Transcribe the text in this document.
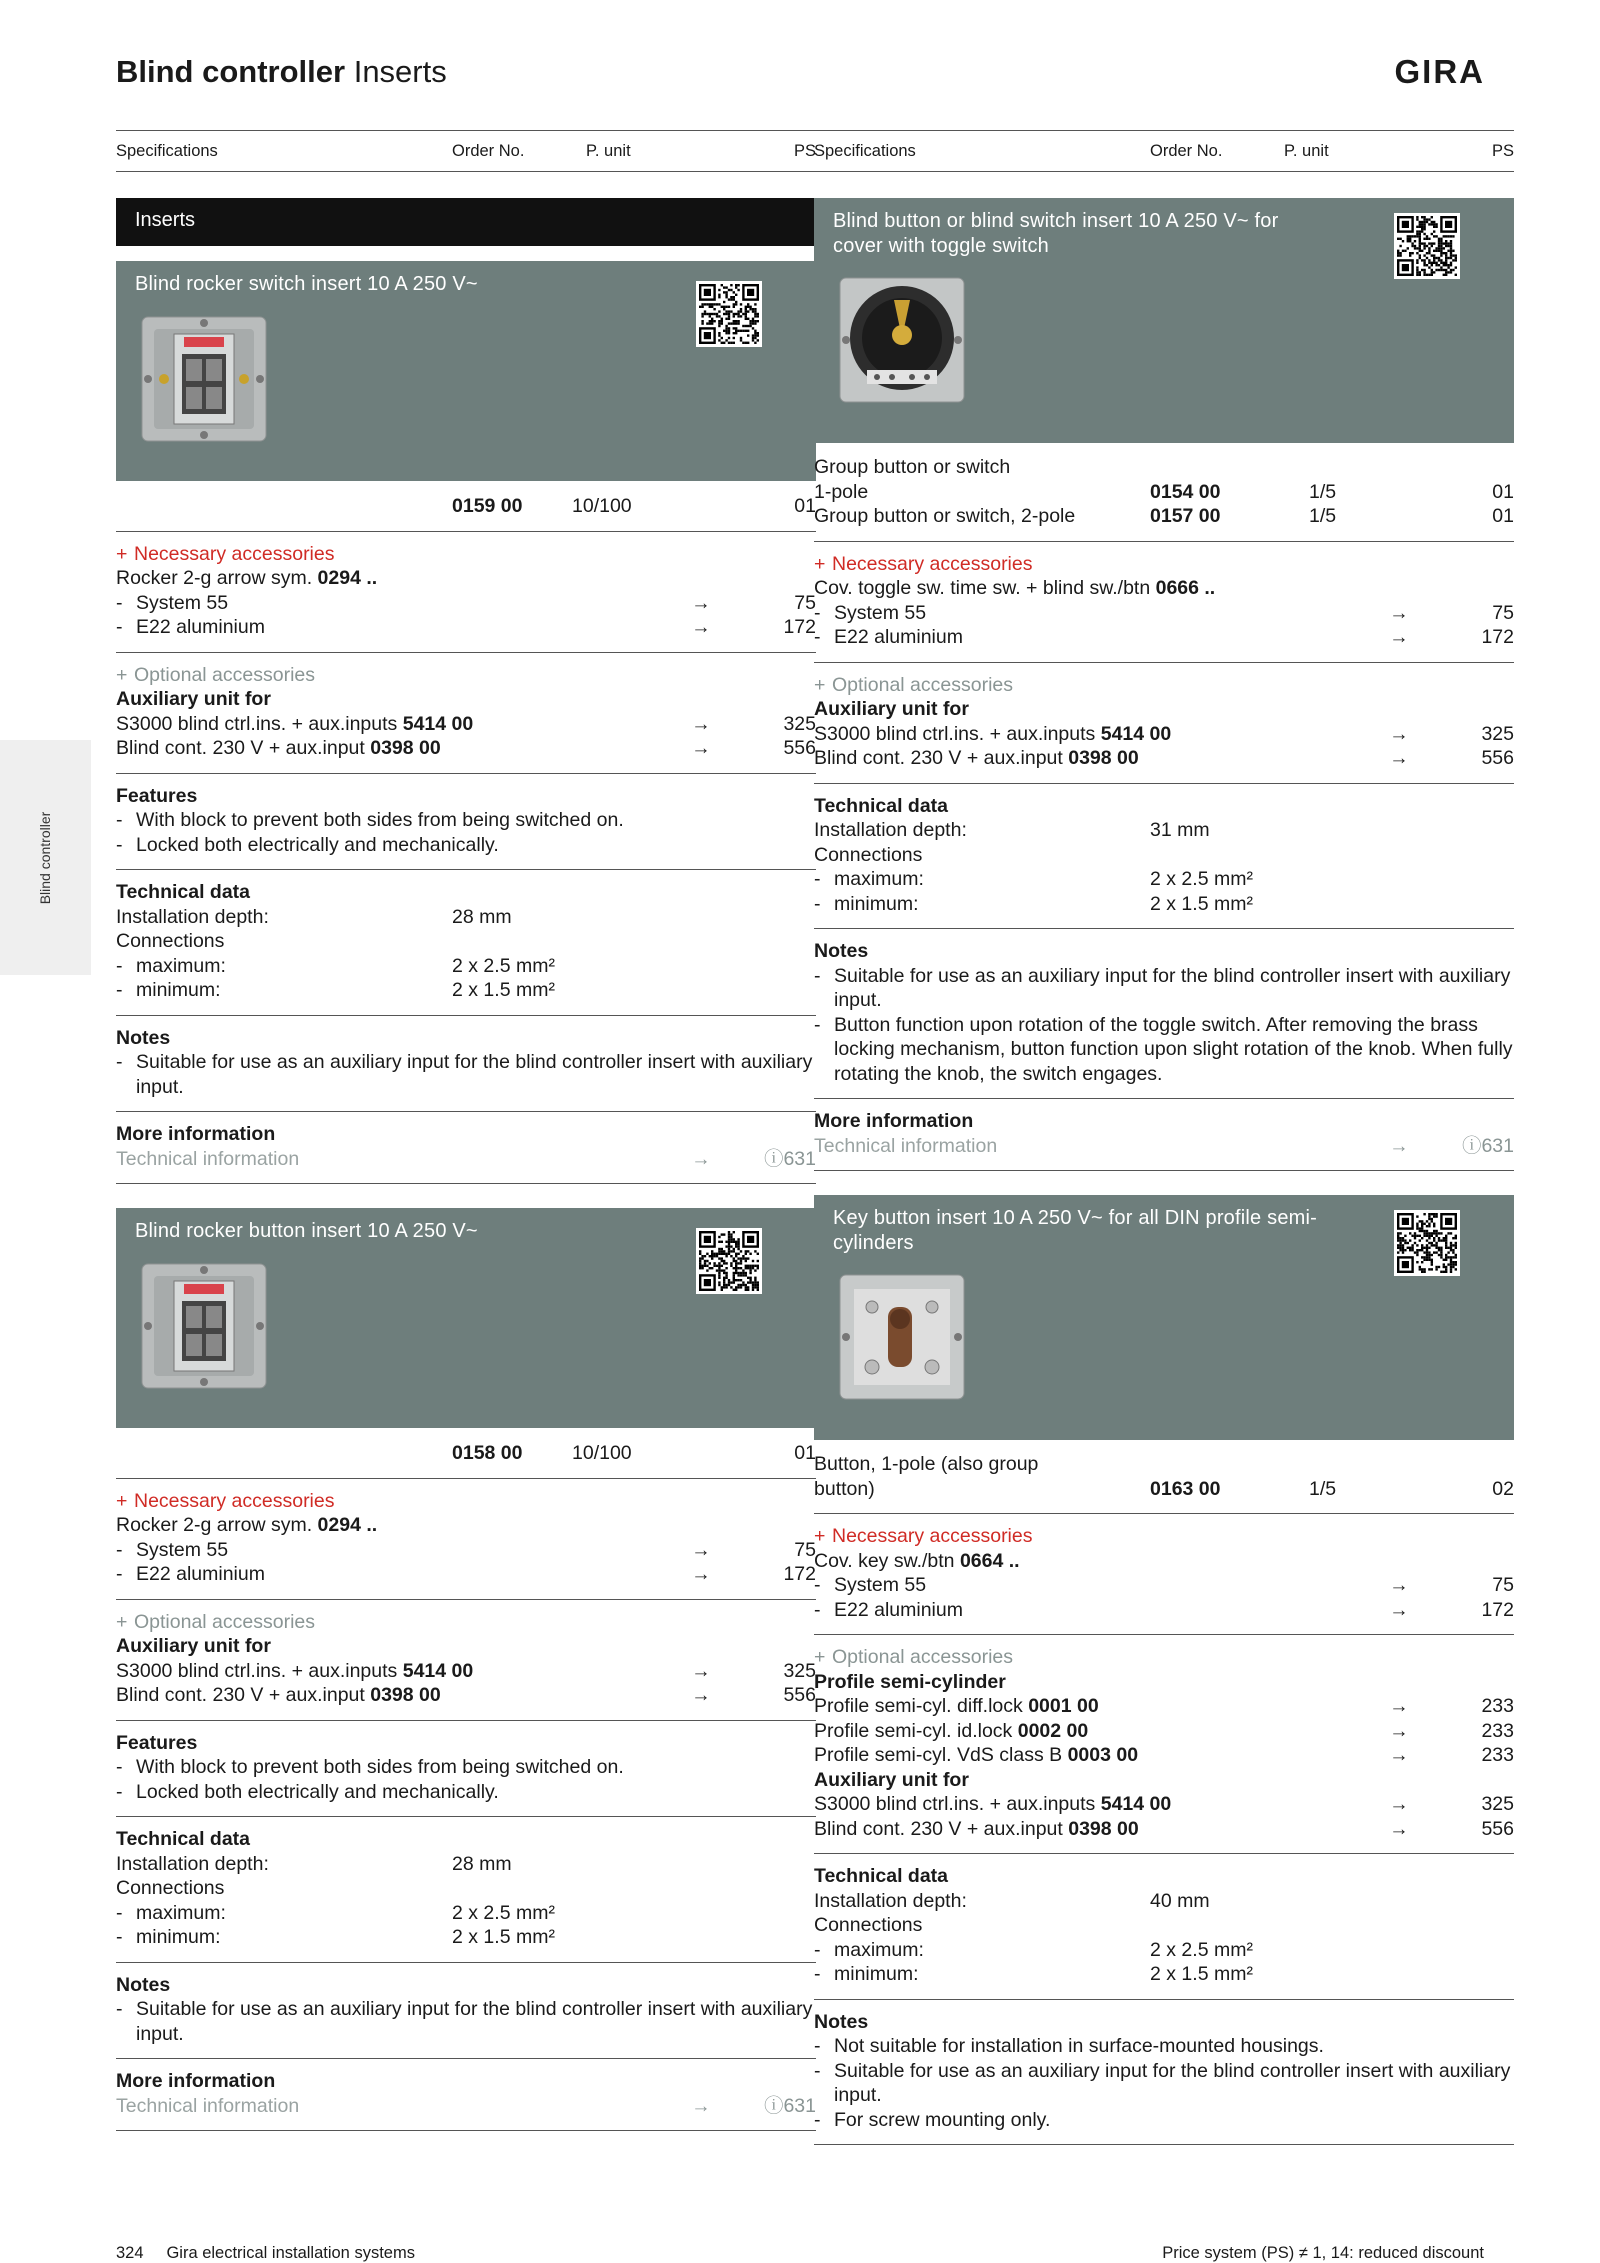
Blind controller Inserts	GIRA
Blind controller
Specifications	Order No.	P. unit	PS
Inserts
Blind rocker switch insert 10 A 250 V~
0159 00	10/100	01
+ Necessary accessories
Rocker 2-g arrow sym. 0294 ..
- System 55	→	75
- E22 aluminium	→	172
+ Optional accessories
Auxiliary unit for
S3000 blind ctrl.ins. + aux.inputs 5414 00	→	325
Blind cont. 230 V + aux.input 0398 00	→	556
Features
- With block to prevent both sides from being switched on.
- Locked both electrically and mechanically.
Technical data
Installation depth:	28 mm
Connections
- maximum:	2 x 2.5 mm²
- minimum:	2 x 1.5 mm²
Notes
- Suitable for use as an auxiliary input for the blind controller insert with auxiliary input.
More information
Technical information	→	ⓘ631
Blind rocker button insert 10 A 250 V~
0158 00	10/100	01
+ Necessary accessories
Rocker 2-g arrow sym. 0294 ..
- System 55	→	75
- E22 aluminium	→	172
+ Optional accessories
Auxiliary unit for
S3000 blind ctrl.ins. + aux.inputs 5414 00	→	325
Blind cont. 230 V + aux.input 0398 00	→	556
Features
- With block to prevent both sides from being switched on.
- Locked both electrically and mechanically.
Technical data
Installation depth:	28 mm
Connections
- maximum:	2 x 2.5 mm²
- minimum:	2 x 1.5 mm²
Notes
- Suitable for use as an auxiliary input for the blind controller insert with auxiliary input.
More information
Technical information	→	ⓘ631
Specifications	Order No.	P. unit	PS
Blind button or blind switch insert 10 A 250 V~ for cover with toggle switch
Group button or switch
1-pole	0154 00	1/5	01
Group button or switch, 2-pole	0157 00	1/5	01
+ Necessary accessories
Cov. toggle sw. time sw. + blind sw./btn 0666 ..
- System 55	→	75
- E22 aluminium	→	172
+ Optional accessories
Auxiliary unit for
S3000 blind ctrl.ins. + aux.inputs 5414 00	→	325
Blind cont. 230 V + aux.input 0398 00	→	556
Technical data
Installation depth:	31 mm
Connections
- maximum:	2 x 2.5 mm²
- minimum:	2 x 1.5 mm²
Notes
- Suitable for use as an auxiliary input for the blind controller insert with auxiliary input.
- Button function upon rotation of the toggle switch. After removing the brass locking mechanism, button function upon slight rotation of the knob. When fully rotating the knob, the switch engages.
More information
Technical information	→	ⓘ631
Key button insert 10 A 250 V~ for all DIN profile semi-cylinders
Button, 1-pole (also group
button)	0163 00	1/5	02
+ Necessary accessories
Cov. key sw./btn 0664 ..
- System 55	→	75
- E22 aluminium	→	172
+ Optional accessories
Profile semi-cylinder
Profile semi-cyl. diff.lock 0001 00	→	233
Profile semi-cyl. id.lock 0002 00	→	233
Profile semi-cyl. VdS class B 0003 00	→	233
Auxiliary unit for
S3000 blind ctrl.ins. + aux.inputs 5414 00	→	325
Blind cont. 230 V + aux.input 0398 00	→	556
Technical data
Installation depth:	40 mm
Connections
- maximum:	2 x 2.5 mm²
- minimum:	2 x 1.5 mm²
Notes
- Not suitable for installation in surface-mounted housings.
- Suitable for use as an auxiliary input for the blind controller insert with auxiliary input.
- For screw mounting only.
324 Gira electrical installation systems	Price system (PS) ≠ 1, 14: reduced discount
